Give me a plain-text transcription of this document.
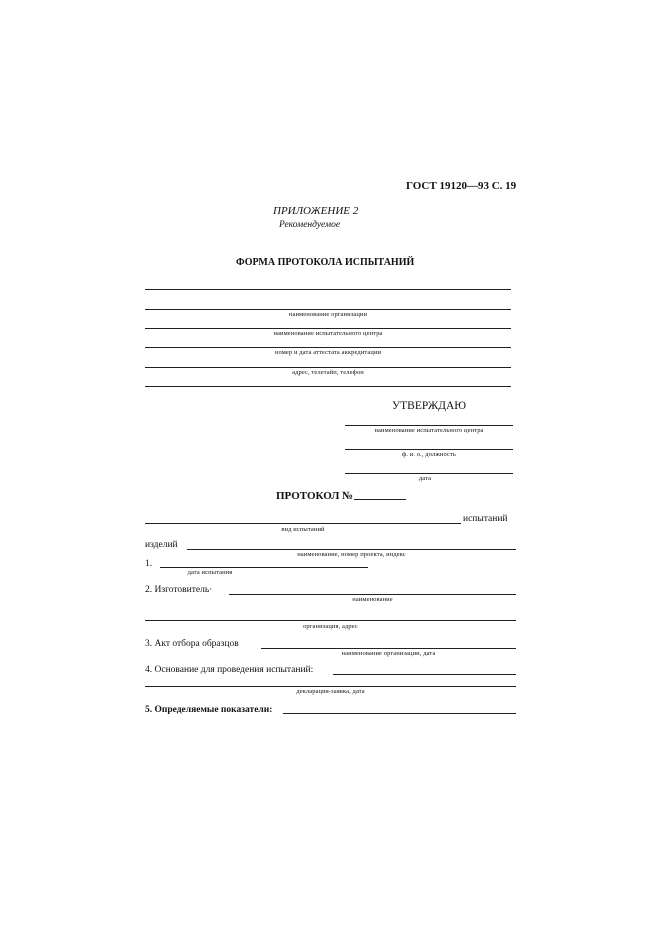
ГОСТ 19120—93 С. 19
ПРИЛОЖЕНИЕ 2
Рекомендуемое
ФОРМА ПРОТОКОЛА ИСПЫТАНИЙ
наименование организации
наименование испытательного центра
номер и дата аттестата аккредитации
адрес, телетайп, телефон
УТВЕРЖДАЮ
наименование испытательного центра
ф. и. о., должность
дата
ПРОТОКОЛ №
испытаний
вид испытаний
изделий
наименование, номер проекта, индекс
1.
дата испытания
2. Изготовитель·
наименование
организация, адрес
3. Акт отбора образцов
наименование организации, дата
4. Основание для проведения испытаний:
декларация-заявка, дата
5. Определяемые показатели:
